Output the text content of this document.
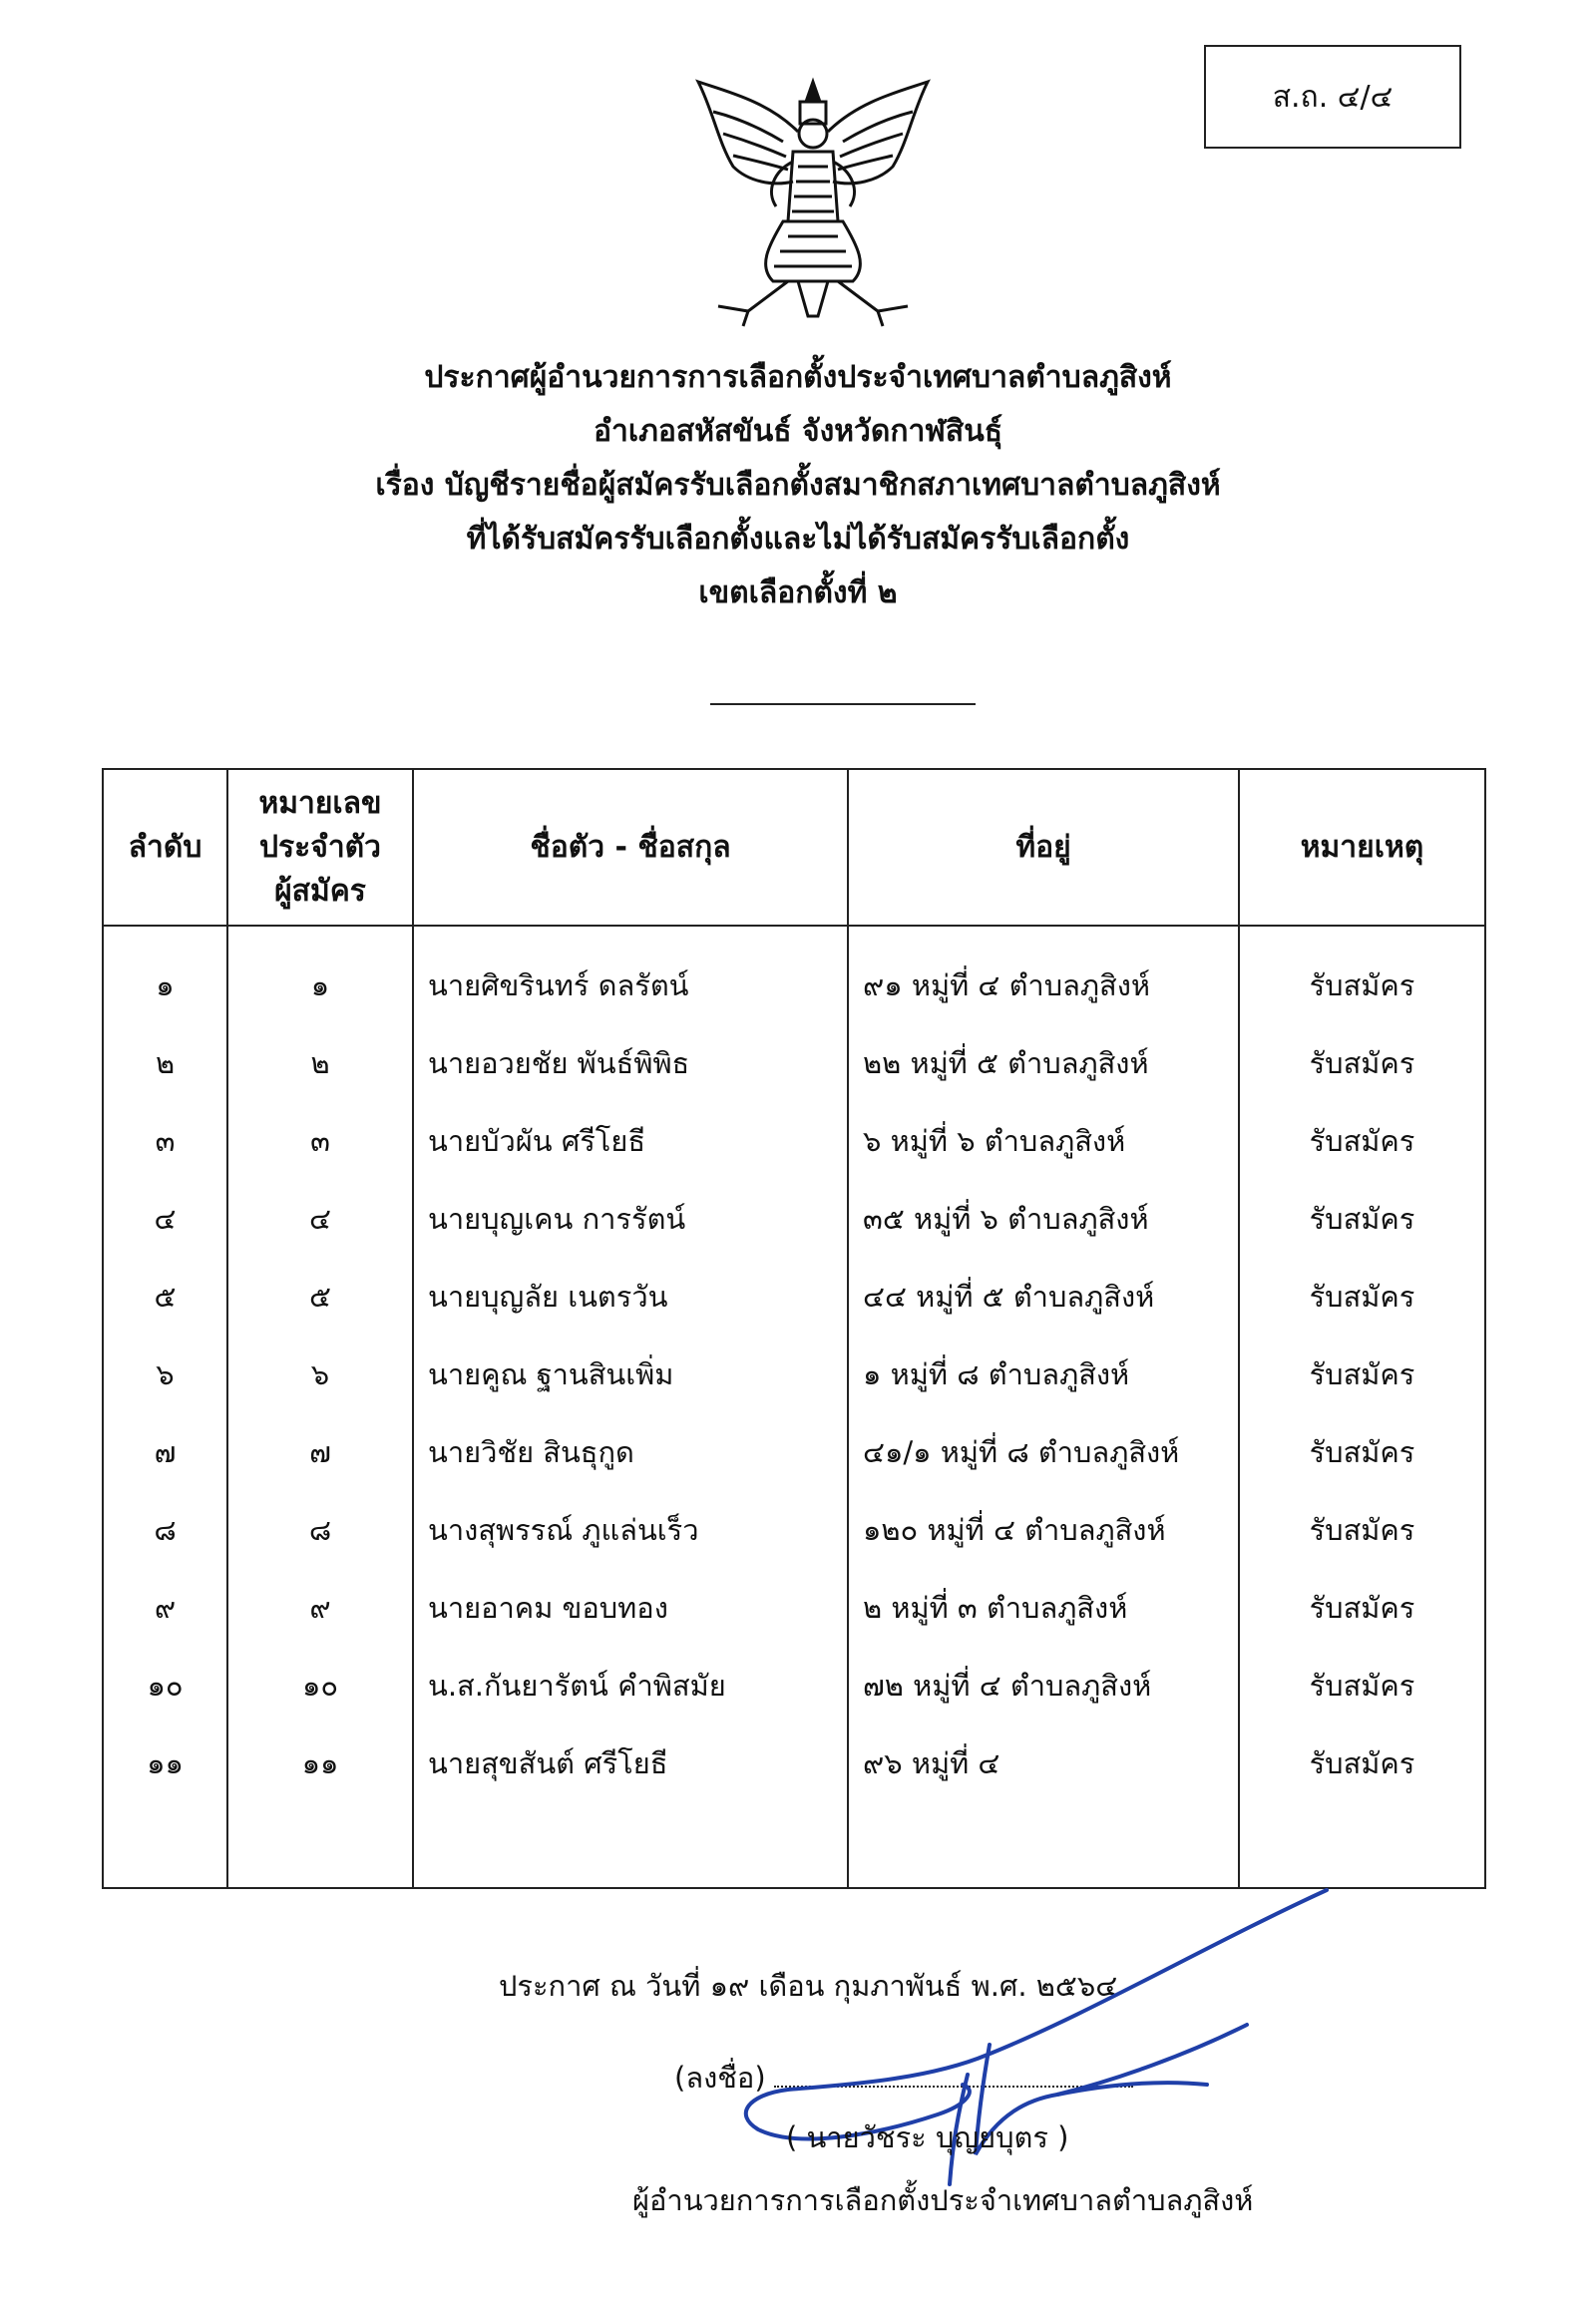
ส.ถ. ๔/๔
ประกาศผู้อำนวยการการเลือกตั้งประจำเทศบาลตำบลภูสิงห์
อำเภอสหัสขันธ์ จังหวัดกาฬสินธุ์
เรื่อง บัญชีรายชื่อผู้สมัครรับเลือกตั้งสมาชิกสภาเทศบาลตำบลภูสิงห์
ที่ได้รับสมัครรับเลือกตั้งและไม่ได้รับสมัครรับเลือกตั้ง
เขตเลือกตั้งที่ ๒
ลำดับ	หมายเลข
ประจำตัว
ผู้สมัคร	ชื่อตัว - ชื่อสกุล	ที่อยู่	หมายเหตุ
๑	๑	นายศิขรินทร์ ดลรัตน์	๙๑ หมู่ที่ ๔ ตำบลภูสิงห์	รับสมัคร
๒	๒	นายอวยชัย พันธ์พิพิธ	๒๒ หมู่ที่ ๕ ตำบลภูสิงห์	รับสมัคร
๓	๓	นายบัวผัน ศรีโยธี	๖ หมู่ที่ ๖ ตำบลภูสิงห์	รับสมัคร
๔	๔	นายบุญเคน การรัตน์	๓๕ หมู่ที่ ๖ ตำบลภูสิงห์	รับสมัคร
๕	๕	นายบุญลัย เนตรวัน	๔๔ หมู่ที่ ๕ ตำบลภูสิงห์	รับสมัคร
๖	๖	นายคูณ ฐานสินเพิ่ม	๑ หมู่ที่ ๘ ตำบลภูสิงห์	รับสมัคร
๗	๗	นายวิชัย สินธุกูด	๔๑/๑ หมู่ที่ ๘ ตำบลภูสิงห์	รับสมัคร
๘	๘	นางสุพรรณ์ ภูแล่นเร็ว	๑๒๐ หมู่ที่ ๔ ตำบลภูสิงห์	รับสมัคร
๙	๙	นายอาคม ขอบทอง	๒ หมู่ที่ ๓ ตำบลภูสิงห์	รับสมัคร
๑๐	๑๐	น.ส.กันยารัตน์ คำพิสมัย	๗๒ หมู่ที่ ๔ ตำบลภูสิงห์	รับสมัคร
๑๑	๑๑	นายสุขสันต์ ศรีโยธี	๙๖ หมู่ที่ ๔	รับสมัคร

ประกาศ ณ วันที่ ๑๙ เดือน กุมภาพันธ์ พ.ศ. ๒๕๖๔
(ลงชื่อ)
( นายวัชระ บุญยบุตร )
ผู้อำนวยการการเลือกตั้งประจำเทศบาลตำบลภูสิงห์
